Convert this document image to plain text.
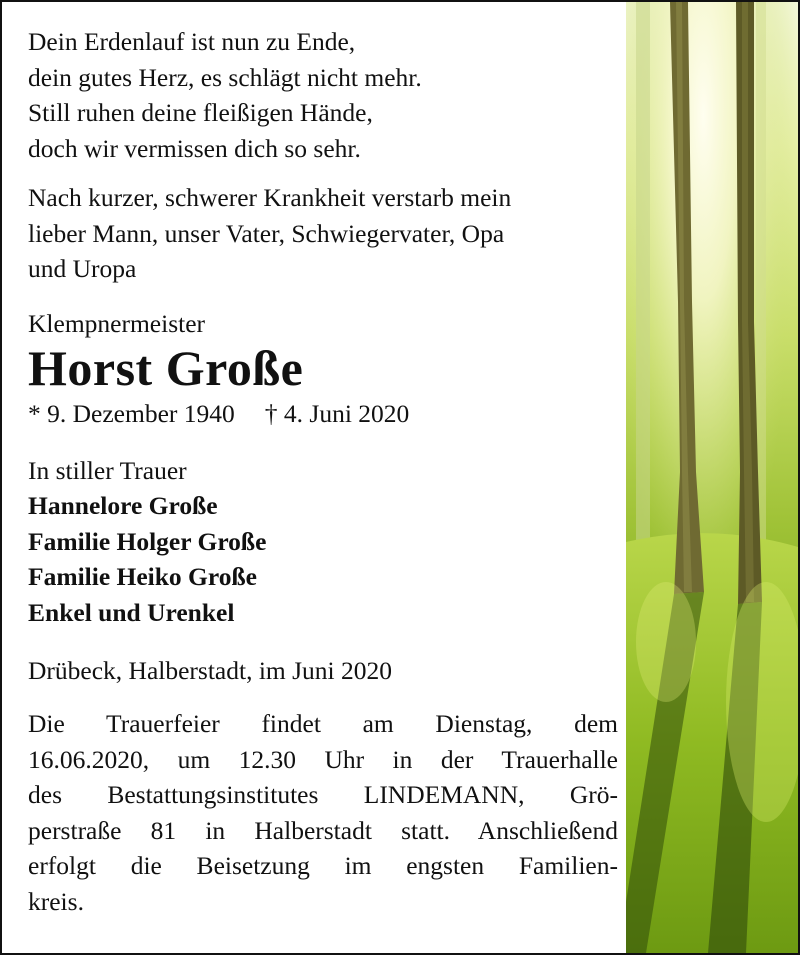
Dein Erdenlauf ist nun zu Ende,
dein gutes Herz, es schlägt nicht mehr.
Still ruhen deine fleißigen Hände,
doch wir vermissen dich so sehr.
Nach kurzer, schwerer Krankheit verstarb mein
lieber Mann, unser Vater, Schwiegervater, Opa
und Uropa
Klempnermeister
Horst Große
* 9. Dezember 1940 † 4. Juni 2020
In stiller Trauer
Hannelore Große
Familie Holger Große
Familie Heiko Große
Enkel und Urenkel
Drübeck, Halberstadt, im Juni 2020
Die Trauerfeier findet am Dienstag, dem
16.06.2020, um 12.30 Uhr in der Trauerhalle
des Bestattungsinstitutes LINDEMANN, Grö-
perstraße 81 in Halberstadt statt. Anschließend
erfolgt die Beisetzung im engsten Familien-
kreis.
